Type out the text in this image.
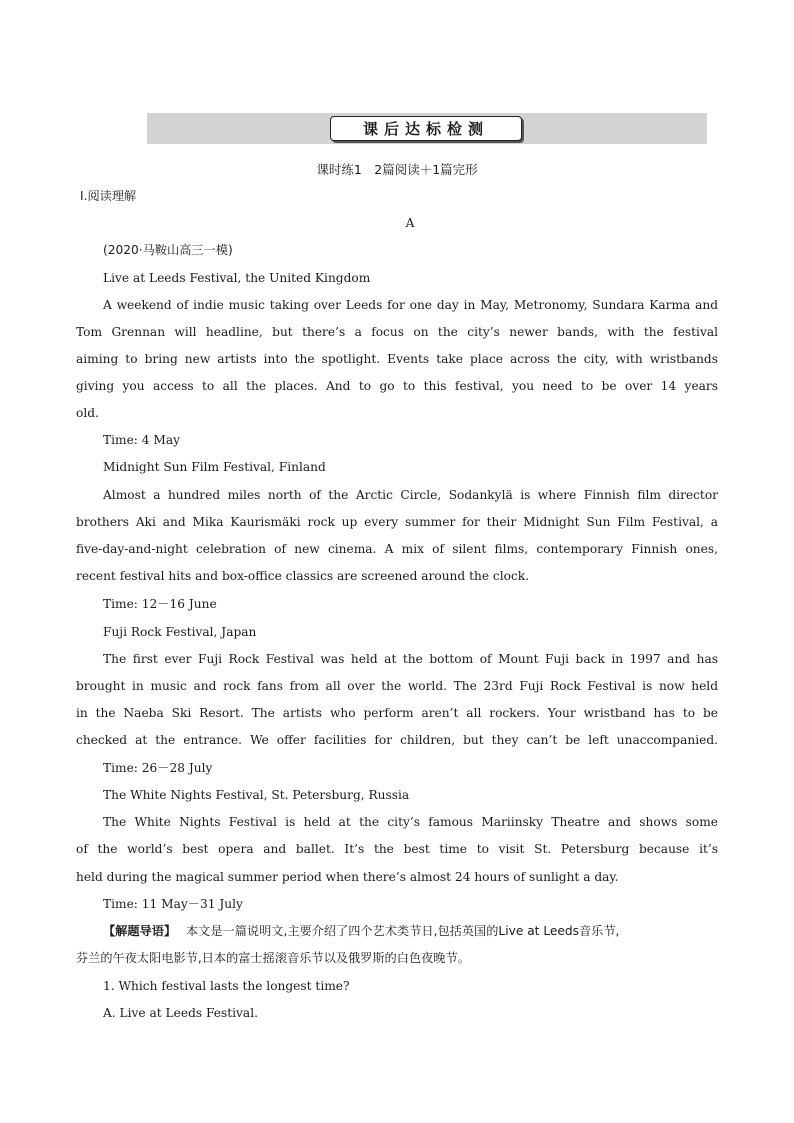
课后达标检测
课时练1　2篇阅读＋1篇完形
Ⅰ.阅读理解
A
(2020·马鞍山高三一模)
Live at Leeds Festival, the United Kingdom
A weekend of indie music taking over Leeds for one day in May, Metronomy, Sundara Karma and
Tom Grennan will headline, but there’s a focus on the city’s newer bands, with the festival
aiming to bring new artists into the spotlight. Events take place across the city, with wristbands
giving you access to all the places. And to go to this festival, you need to be over 14 years
old.
Time: 4 May
Midnight Sun Film Festival, Finland
Almost a hundred miles north of the Arctic Circle, Sodankylä is where Finnish film director
brothers Aki and Mika Kaurismäki rock up every summer for their Midnight Sun Film Festival, a
five-day-and-night celebration of new cinema. A mix of silent films, contemporary Finnish ones,
recent festival hits and box-office classics are screened around the clock.
Time: 12－16 June
Fuji Rock Festival, Japan
The first ever Fuji Rock Festival was held at the bottom of Mount Fuji back in 1997 and has
brought in music and rock fans from all over the world. The 23rd Fuji Rock Festival is now held
in the Naeba Ski Resort. The artists who perform aren’t all rockers. Your wristband has to be
checked at the entrance. We offer facilities for children, but they can’t be left unaccompanied.
Time: 26－28 July
The White Nights Festival, St. Petersburg, Russia
The White Nights Festival is held at the city’s famous Mariinsky Theatre and shows some
of the world’s best opera and ballet. It’s the best time to visit St. Petersburg because it’s
held during the magical summer period when there’s almost 24 hours of sunlight a day.
Time: 11 May－31 July
【解题导语】 本文是一篇说明文,主要介绍了四个艺术类节日,包括英国的Live at Leeds音乐节,
芬兰的午夜太阳电影节,日本的富士摇滚音乐节以及俄罗斯的白色夜晚节。
1. Which festival lasts the longest time?
A. Live at Leeds Festival.
